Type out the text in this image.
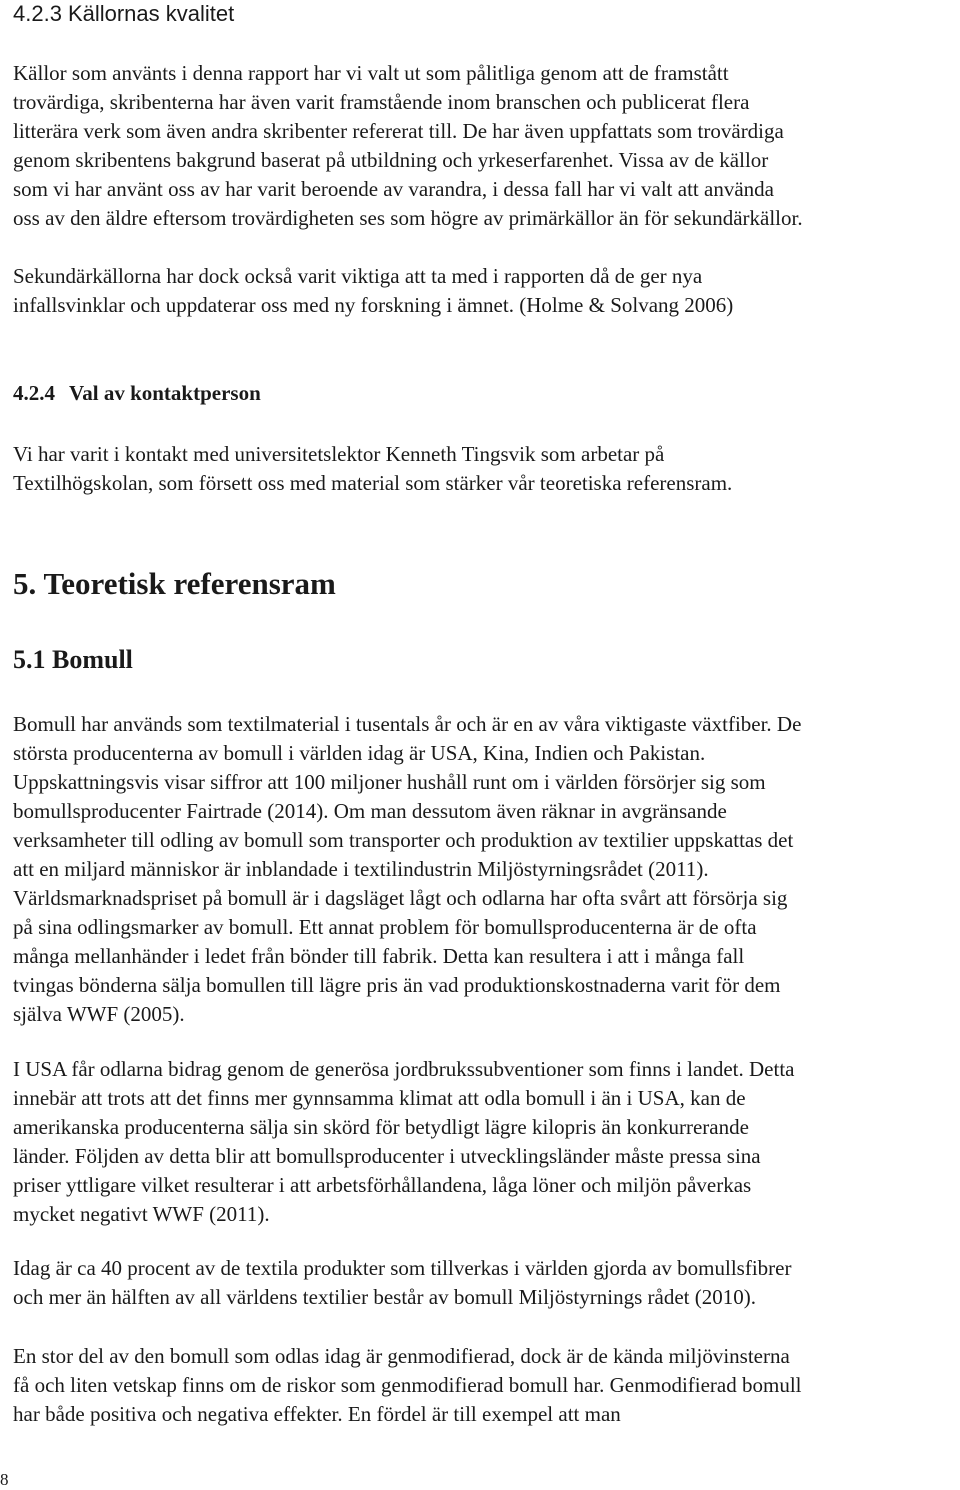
4.2.3 Källornas kvalitet

Källor som använts i denna rapport har vi valt ut som pålitliga genom att de framstått
trovärdiga, skribenterna har även varit framstående inom branschen och publicerat flera
litterära verk som även andra skribenter refererat till. De har även uppfattats som trovärdiga
genom skribentens bakgrund baserat på utbildning och yrkeserfarenhet. Vissa av de källor
som vi har använt oss av har varit beroende av varandra, i dessa fall har vi valt att använda
oss av den äldre eftersom trovärdigheten ses som högre av primärkällor än för sekundärkällor.

Sekundärkällorna har dock också varit viktiga att ta med i rapporten då de ger nya
infallsvinklar och uppdaterar oss med ny forskning i ämnet. (Holme & Solvang 2006)

4.2.4 Val av kontaktperson

Vi har varit i kontakt med universitetslektor Kenneth Tingsvik som arbetar på
Textilhögskolan, som försett oss med material som stärker vår teoretiska referensram.

5. Teoretisk referensram
5.1 Bomull

Bomull har används som textilmaterial i tusentals år och är en av våra viktigaste växtfiber. De
största producenterna av bomull i världen idag är USA, Kina, Indien och Pakistan.
Uppskattningsvis visar siffror att 100 miljoner hushåll runt om i världen försörjer sig som
bomullsproducenter Fairtrade (2014). Om man dessutom även räknar in avgränsande
verksamheter till odling av bomull som transporter och produktion av textilier uppskattas det
att en miljard människor är inblandade i textilindustrin Miljöstyrningsrådet (2011).
Världsmarknadspriset på bomull är i dagsläget lågt och odlarna har ofta svårt att försörja sig
på sina odlingsmarker av bomull. Ett annat problem för bomullsproducenterna är de ofta
många mellanhänder i ledet från bönder till fabrik. Detta kan resultera i att i många fall
tvingas bönderna sälja bomullen till lägre pris än vad produktionskostnaderna varit för dem
själva WWF (2005).

I USA får odlarna bidrag genom de generösa jordbrukssubventioner som finns i landet. Detta
innebär att trots att det finns mer gynnsamma klimat att odla bomull i än i USA, kan de
amerikanska producenterna sälja sin skörd för betydligt lägre kilopris än konkurrerande
länder. Följden av detta blir att bomullsproducenter i utvecklingsländer måste pressa sina
priser yttligare vilket resulterar i att arbetsförhållandena, låga löner och miljön påverkas
mycket negativt WWF (2011).

Idag är ca 40 procent av de textila produkter som tillverkas i världen gjorda av bomullsfibrer
och mer än hälften av all världens textilier består av bomull Miljöstyrnings rådet (2010).

En stor del av den bomull som odlas idag är genmodifierad, dock är de kända miljövinsterna
få och liten vetskap finns om de riskor som genmodifierad bomull har. Genmodifierad bomull
har både positiva och negativa effekter. En fördel är till exempel att man

8
